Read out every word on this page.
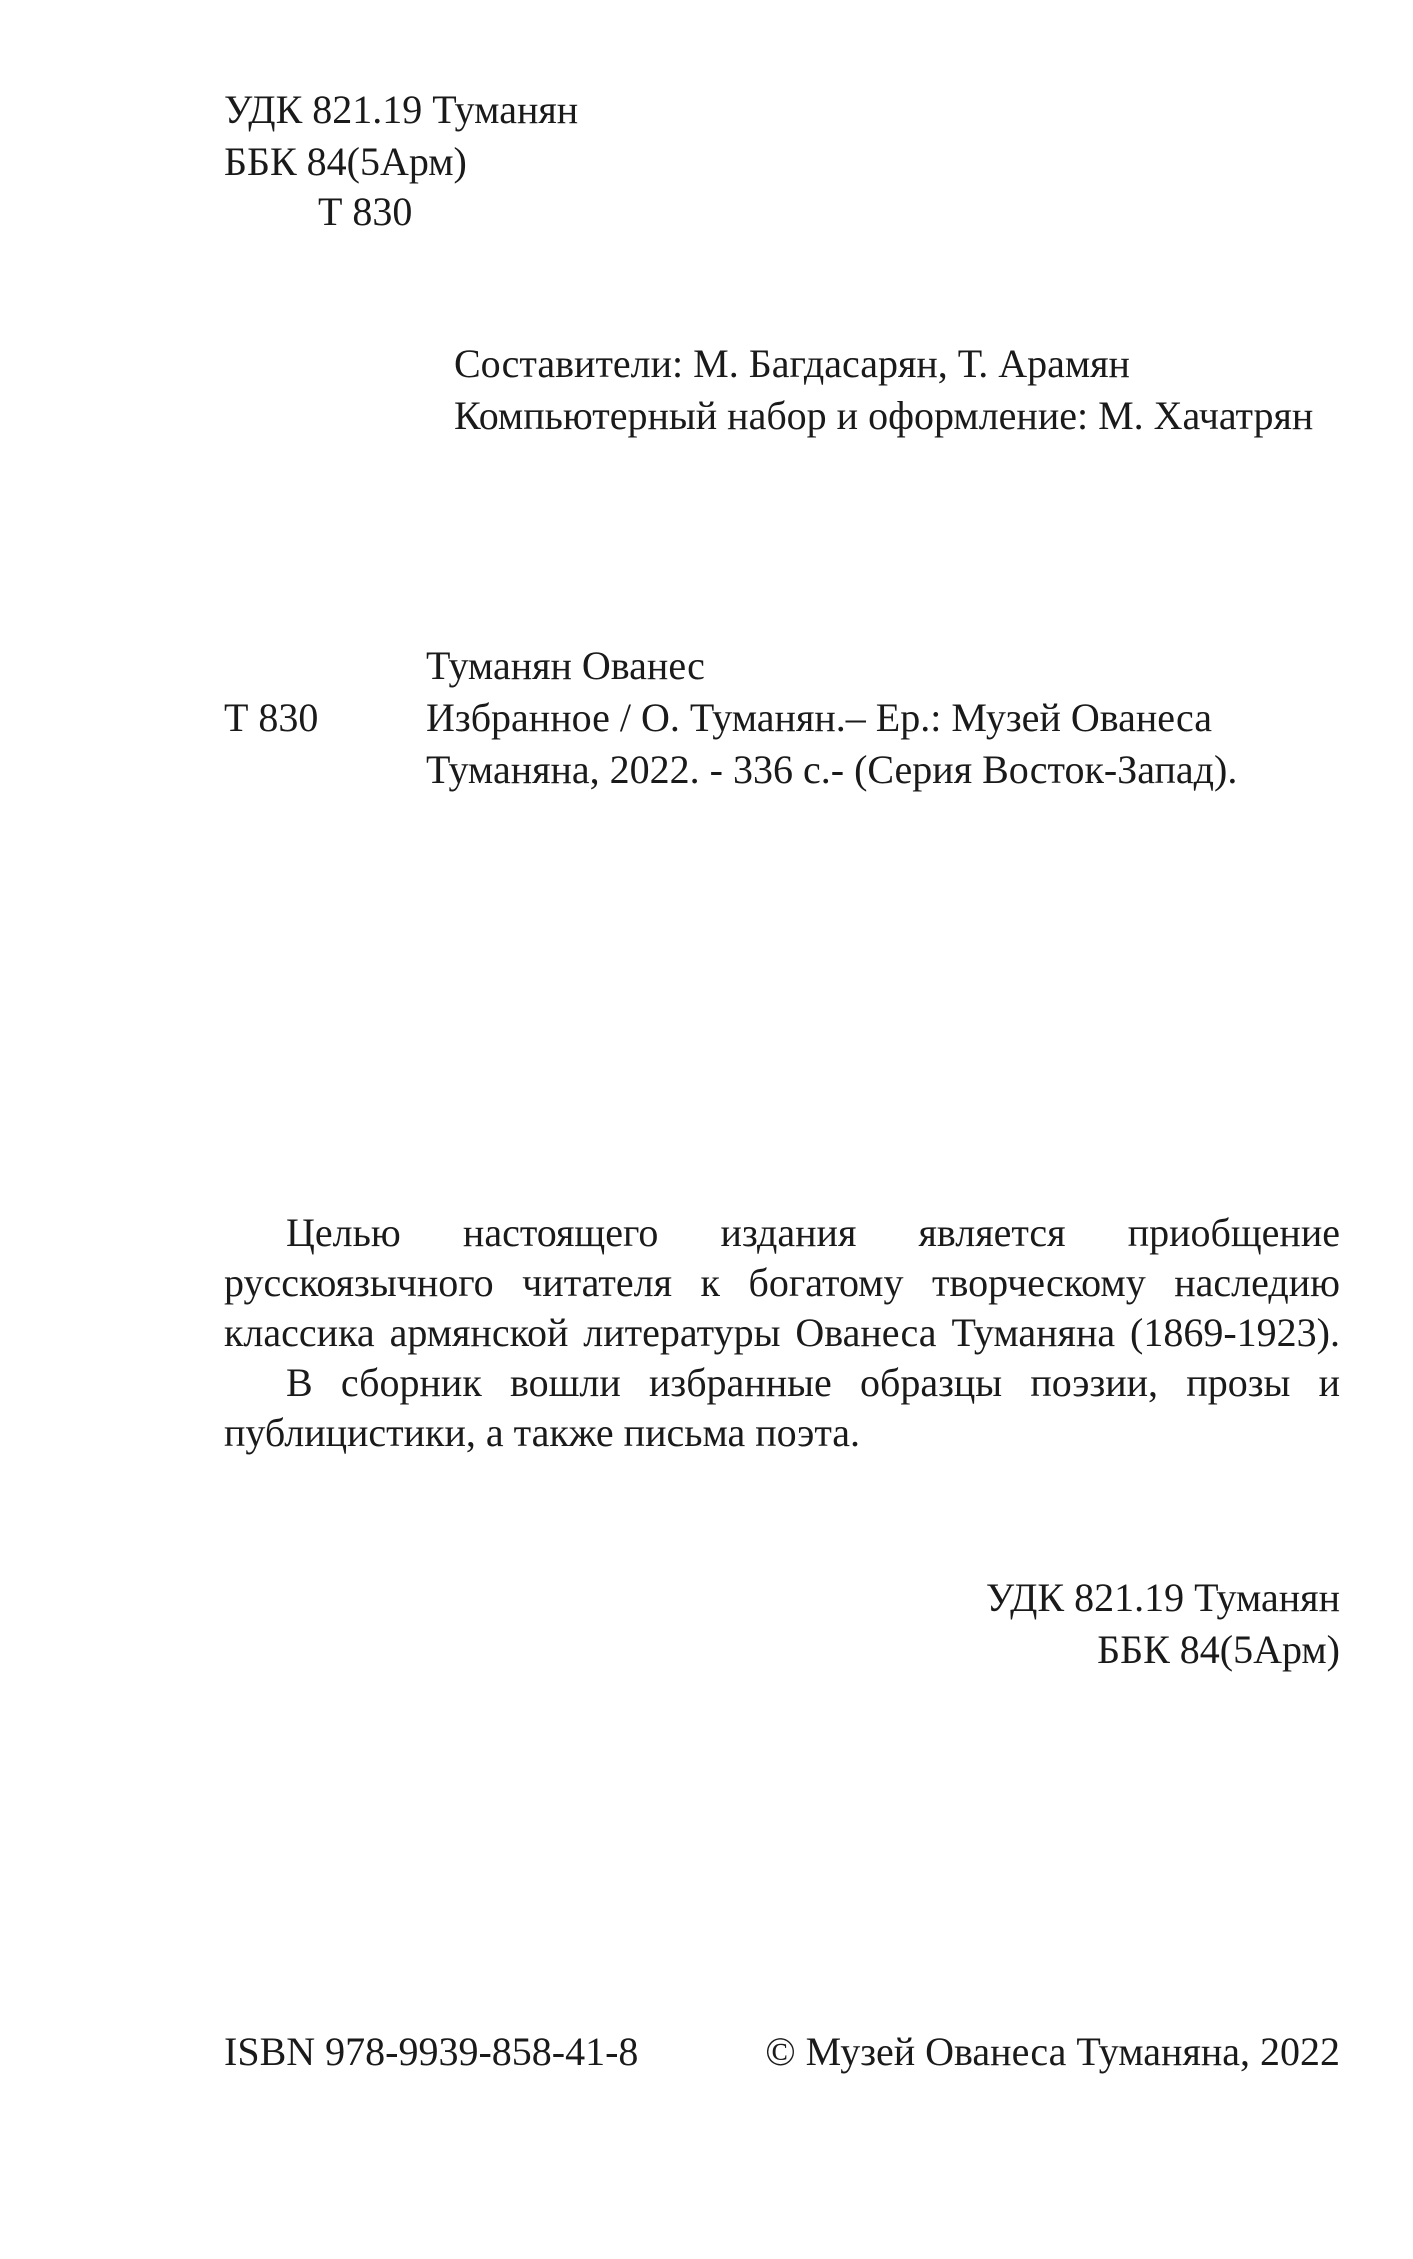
УДК 821.19 Туманян
ББК 84(5Арм)
Т 830
Составители: М. Багдасарян, Т. Арамян
Компьютерный набор и оформление: М. Хачатрян
Туманян Ованес
Т 830	Избранное / О. Туманян.– Ер.: Музей Ованеса
Туманяна, 2022. - 336 с.- (Серия Восток-Запад).
Целью настоящего издания является приобщение
русскоязычного читателя к богатому творческому наследию
классика армянской литературы Ованеса Туманяна (1869-1923).
В сборник вошли избранные образцы поэзии, прозы и
публицистики, а также письма поэта.
УДК 821.19 Туманян
ББК 84(5Арм)
ISBN 978-9939-858-41-8	© Музей Ованеса Туманяна, 2022
